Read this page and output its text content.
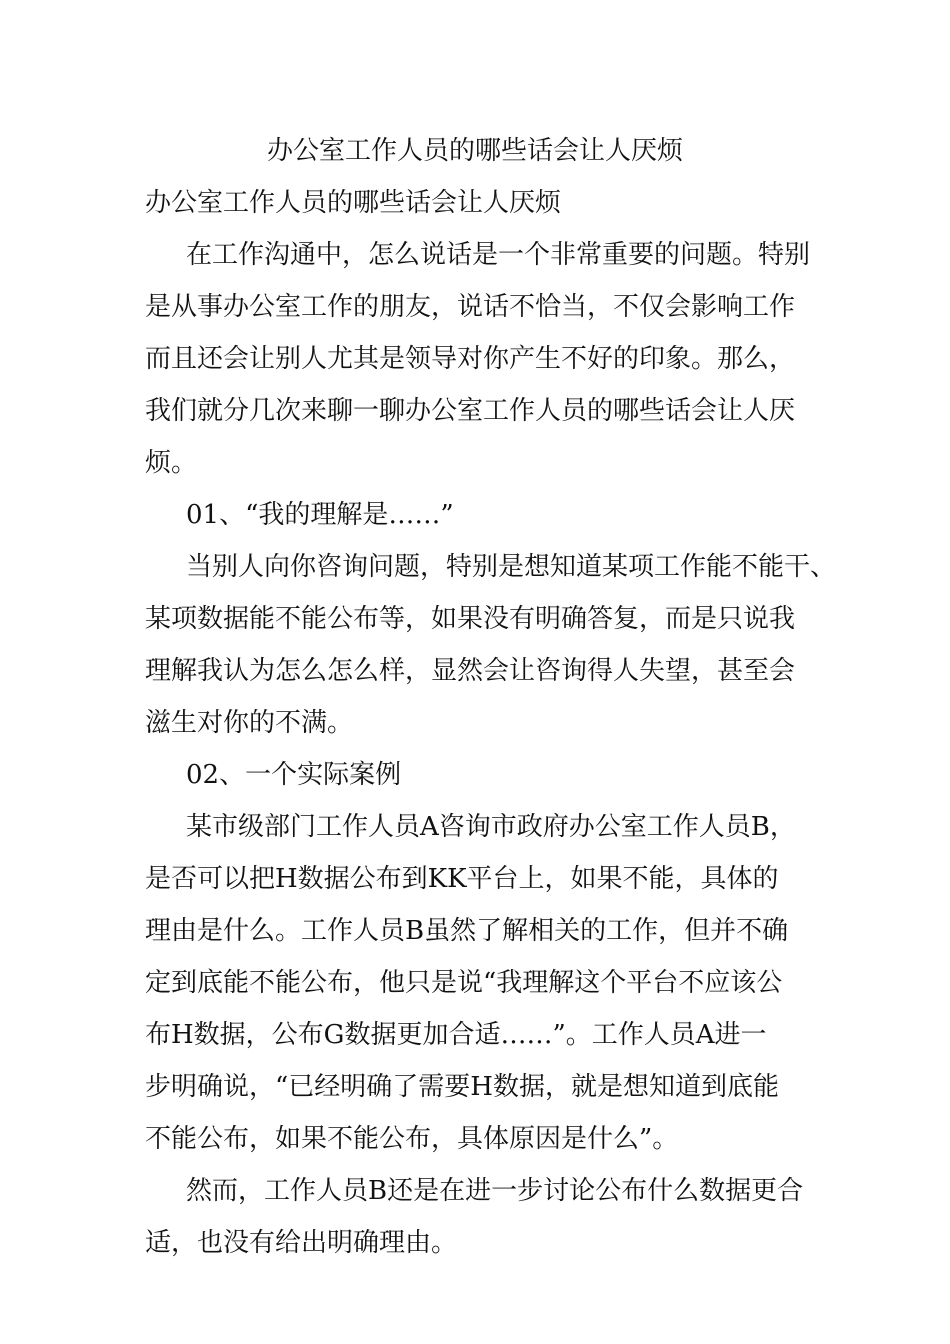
办公室工作人员的哪些话会让人厌烦
办公室工作人员的哪些话会让人厌烦
在工作沟通中，怎么说话是一个非常重要的问题。特别
是从事办公室工作的朋友，说话不恰当，不仅会影响工作
而且还会让别人尤其是领导对你产生不好的印象。那么，
我们就分几次来聊一聊办公室工作人员的哪些话会让人厌
烦。
01、“我的理解是……”
当别人向你咨询问题，特别是想知道某项工作能不能干、
某项数据能不能公布等，如果没有明确答复，而是只说我
理解我认为怎么怎么样，显然会让咨询得人失望，甚至会
滋生对你的不满。
02、一个实际案例
某市级部门工作人员A咨询市政府办公室工作人员B，
是否可以把H数据公布到KK平台上，如果不能，具体的
理由是什么。工作人员B虽然了解相关的工作，但并不确
定到底能不能公布，他只是说“我理解这个平台不应该公
布H数据，公布G数据更加合适……”。工作人员A进一
步明确说，“已经明确了需要H数据，就是想知道到底能
不能公布，如果不能公布，具体原因是什么”。
然而，工作人员B还是在进一步讨论公布什么数据更合
适，也没有给出明确理由。
